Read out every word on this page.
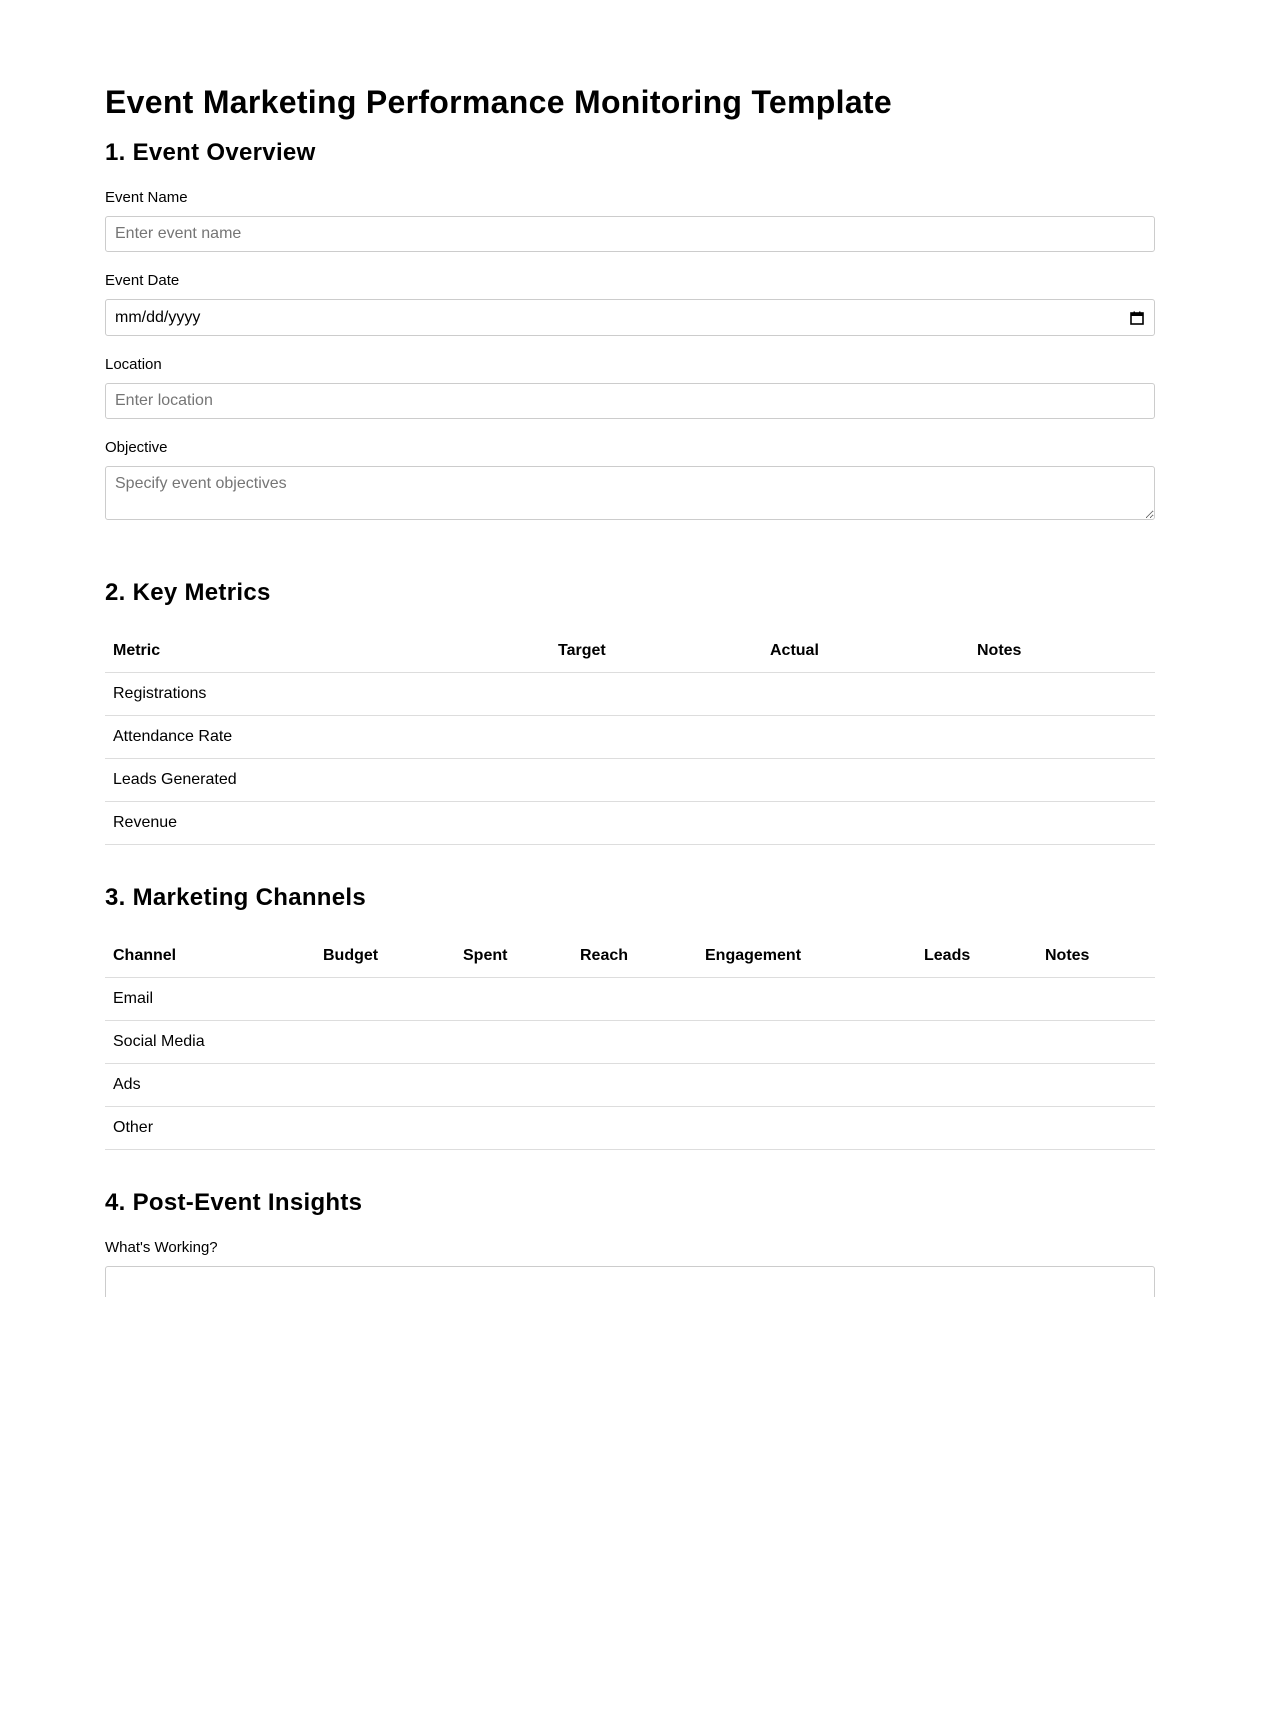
Event Marketing Performance Monitoring Template
1. Event Overview
Event Name
Enter event name
Event Date
mm/dd/yyyy
Location
Enter location
Objective
Specify event objectives
2. Key Metrics
Metric	Target	Actual	Notes
Registrations			
Attendance Rate			
Leads Generated			
Revenue			
3. Marketing Channels
Channel	Budget	Spent	Reach	Engagement	Leads	Notes
Email						
Social Media						
Ads						
Other						
4. Post-Event Insights
What's Working?
